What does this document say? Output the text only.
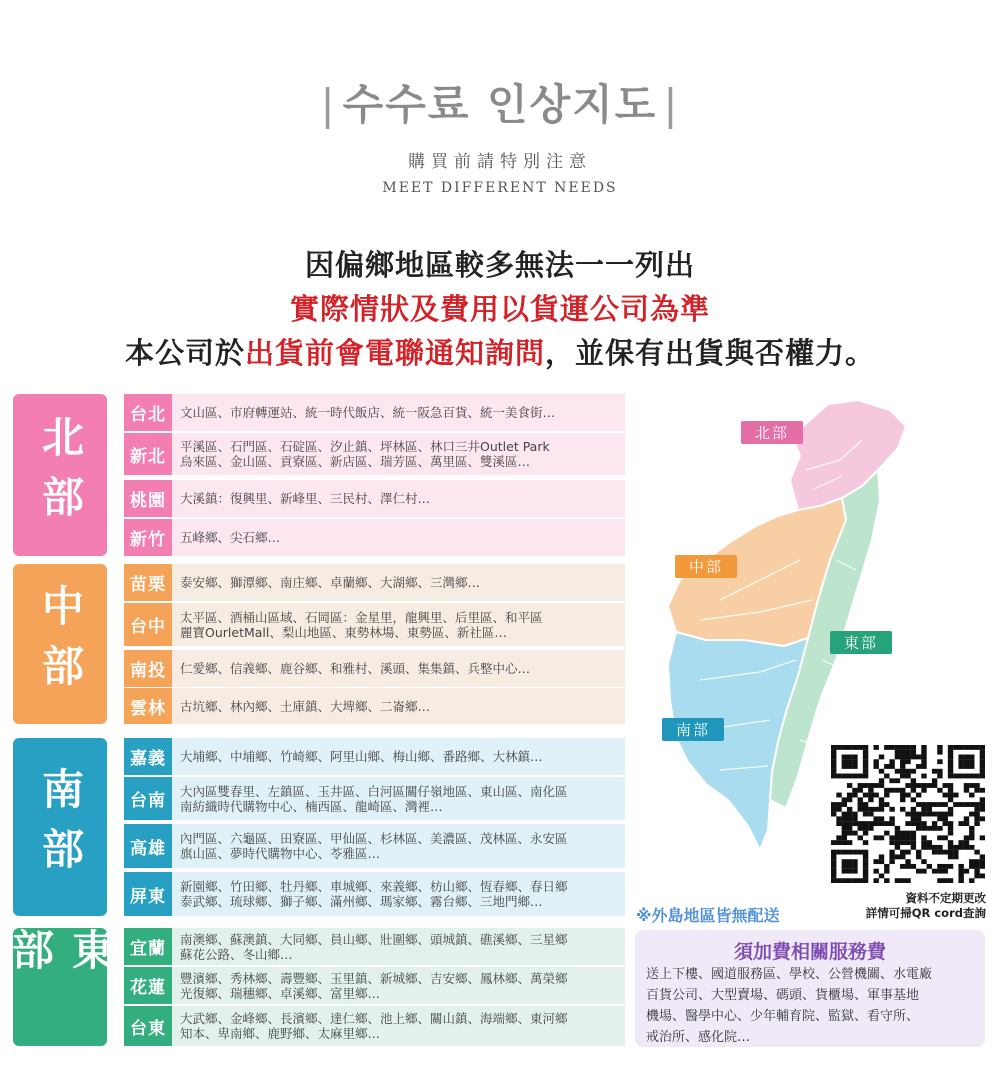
| 수수료 인상지도 |
購買前請特別注意
MEET DIFFERENT NEEDS
因偏鄉地區較多無法一一列出
實際情狀及費用以貨運公司為準
本公司於出貨前會電聯通知詢問，並保有出貨與否權力。
北部
中部
南部
東部
台北	文山區、市府轉運站、統一時代飯店、統一阪急百貨、統一美食街…
新北	平溪區、石門區、石碇區、汐止鎮、坪林區、林口三井Outlet Park
烏來區、金山區、貢寮區、新店區、瑞芳區、萬里區、雙溪區…
桃園	大溪鎮：復興里、新峰里、三民村、澤仁村…
新竹	五峰鄉、尖石鄉…
苗栗	泰安鄉、獅潭鄉、南庄鄉、卓蘭鄉、大湖鄉、三灣鄉…
台中	太平區、酒桶山區域、石岡區：金星里，龍興里、后里區、和平區
麗寶OurletMall、梨山地區、東勢林場、東勢區、新社區…
南投	仁愛鄉、信義鄉、鹿谷鄉、和雅村、溪頭、集集鎮、兵整中心…
雲林	古坑鄉、林內鄉、土庫鎮、大埤鄉、二崙鄉…
嘉義	大埔鄉、中埔鄉、竹崎鄉、阿里山鄉、梅山鄉、番路鄉、大林鎮…
台南	大內區雙春里、左鎮區、玉井區、白河區關仔嶺地區、東山區、南化區
南紡織時代購物中心、楠西區、龍崎區、灣裡…
高雄	內門區、六龜區、田寮區、甲仙區、杉林區、美濃區、茂林區、永安區
旗山區、夢時代購物中心、苓雅區…
屏東	新園鄉、竹田鄉、牡丹鄉、車城鄉、來義鄉、枋山鄉、恆春鄉、春日鄉
泰武鄉、琉球鄉、獅子鄉、滿州鄉、瑪家鄉、霧台鄉、三地門鄉…
宜蘭	南澳鄉、蘇澳鎮、大同鄉、員山鄉、壯圍鄉、頭城鎮、礁溪鄉、三星鄉
蘇花公路、冬山鄉…
花蓮	豐濱鄉、秀林鄉、壽豐鄉、玉里鎮、新城鄉、吉安鄉、鳳林鄉、萬榮鄉
光復鄉、瑞穗鄉、卓溪鄉、富里鄉…
台東	大武鄉、金峰鄉、長濱鄉、達仁鄉、池上鄉、關山鎮、海端鄉、東河鄉
知本、卑南鄉、鹿野鄉、太麻里鄉…
北部
中部
東部
南部
資料不定期更改
詳情可掃QR cord查詢
※外島地區皆無配送
須加費相關服務費
送上下樓、國道服務區、學校、公營機關、水電廠
百貨公司、大型賣場、碼頭、貨櫃場、軍事基地
機場、醫學中心、少年輔育院、監獄、看守所、
戒治所、感化院…
